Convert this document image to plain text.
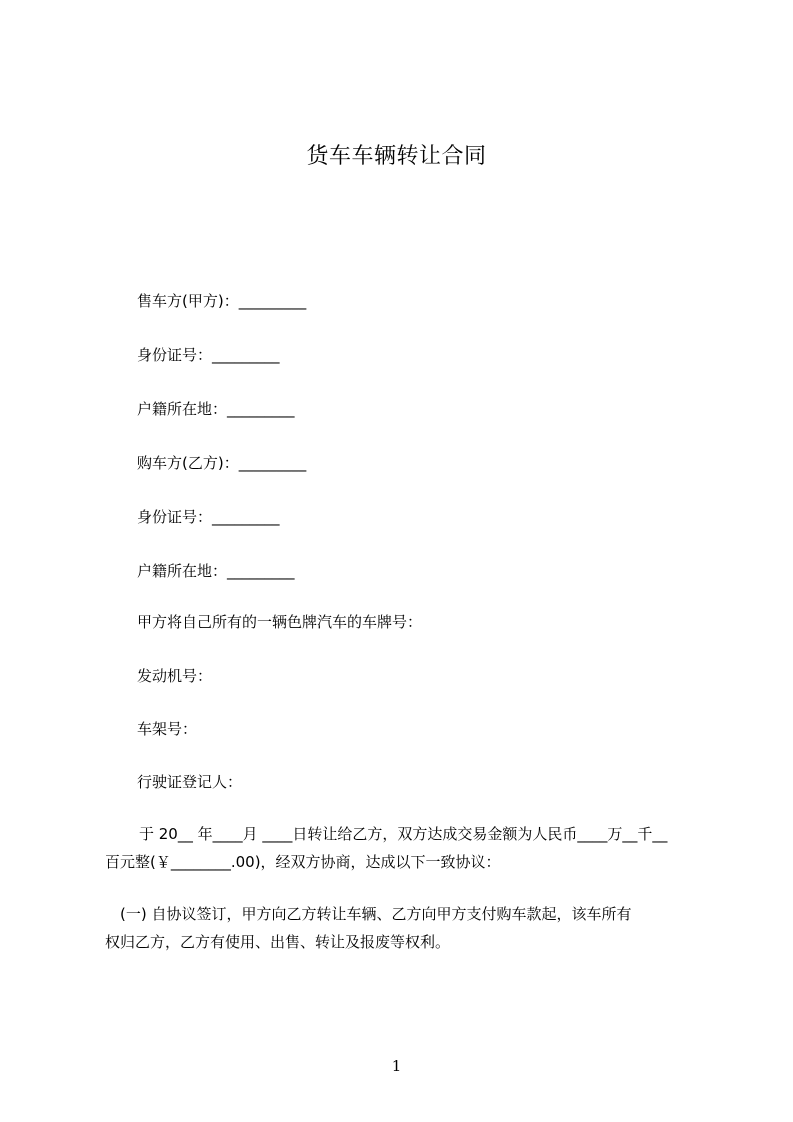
货车车辆转让合同
售车方(甲方)：_________
身份证号：_________
户籍所在地：_________
购车方(乙方)：_________
身份证号：_________
户籍所在地：_________
甲方将自己所有的一辆色牌汽车的车牌号：
发动机号：
车架号：
行驶证登记人：
于 20__ 年____月 ____日转让给乙方，双方达成交易金额为人民币____万__千__
百元整(￥________.00)，经双方协商，达成以下一致协议：
(一) 自协议签订，甲方向乙方转让车辆、乙方向甲方支付购车款起，该车所有
权归乙方，乙方有使用、出售、转让及报废等权利。
1
